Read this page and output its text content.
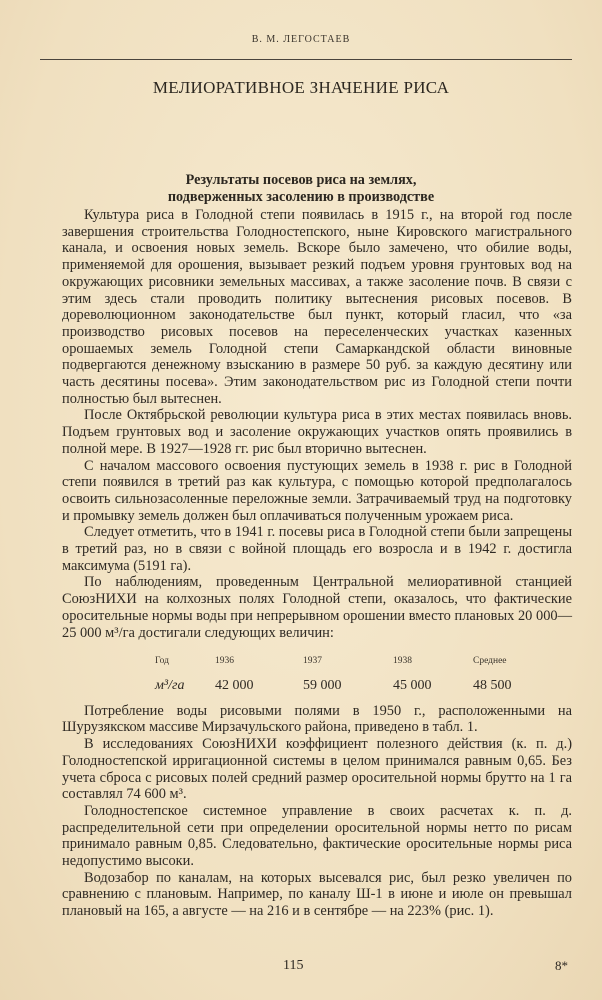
В. М. ЛЕГОСТАЕВ
МЕЛИОРАТИВНОЕ ЗНАЧЕНИЕ РИСА
Результаты посевов риса на землях,
подверженных засолению в производстве

Культура риса в Голодной степи появилась в 1915 г., на второй год после завершения строительства Голодностепского, ныне Кировского магистрального канала, и освоения новых земель. Вскоре было замечено, что обилие воды, применяемой для орошения, вызывает резкий подъем уровня грунтовых вод на окружающих рисовники земельных массивах, а также засоление почв. В связи с этим здесь стали проводить политику вытеснения рисовых посевов. В дореволюционном законодательстве был пункт, который гласил, что «за производство рисовых посевов на переселенческих участках казенных орошаемых земель Голодной степи Самаркандской области виновные подвергаются денежному взысканию в размере 50 руб. за каждую десятину или часть десятины посева». Этим законодательством рис из Голодной степи почти полностью был вытеснен.

После Октябрьской революции культура риса в этих местах появилась вновь. Подъем грунтовых вод и засоление окружающих участков опять проявились в полной мере. В 1927—1928 гг. рис был вторично вытеснен.

С началом массового освоения пустующих земель в 1938 г. рис в Голодной степи появился в третий раз как культура, с помощью которой предполагалось освоить сильнозасоленные переложные земли. Затрачиваемый труд на подготовку и промывку земель должен был оплачиваться полученным урожаем риса.

Следует отметить, что в 1941 г. посевы риса в Голодной степи были запрещены в третий раз, но в связи с войной площадь его возросла и в 1942 г. достигла максимума (5191 га).

По наблюдениям, проведенным Центральной мелиоративной станцией СоюзНИХИ на колхозных полях Голодной степи, оказалось, что фактические оросительные нормы воды при непрерывном орошении вместо плановых 20 000—25 000 м³/га достигали следующих величин:

Год	1936	1937	1938	Среднее
м³/га	42 000	59 000	45 000	48 500

Потребление воды рисовыми полями в 1950 г., расположенными на Шурузякском массиве Мирзачульского района, приведено в табл. 1.

В исследованиях СоюзНИХИ коэффициент полезного действия (к. п. д.) Голодностепской ирригационной системы в целом принимался равным 0,65. Без учета сброса с рисовых полей средний размер оросительной нормы брутто на 1 га составлял 74 600 м³.

Голодностепское системное управление в своих расчетах к. п. д. распределительной сети при определении оросительной нормы нетто по рисам принимало равным 0,85. Следовательно, фактические оросительные нормы риса недопустимо высоки.

Водозабор по каналам, на которых высевался рис, был резко увеличен по сравнению с плановым. Например, по каналу Ш-1 в июне и июле он превышал плановый на 165, а августе — на 216 и в сентябре — на 223% (рис. 1).

115	8*
